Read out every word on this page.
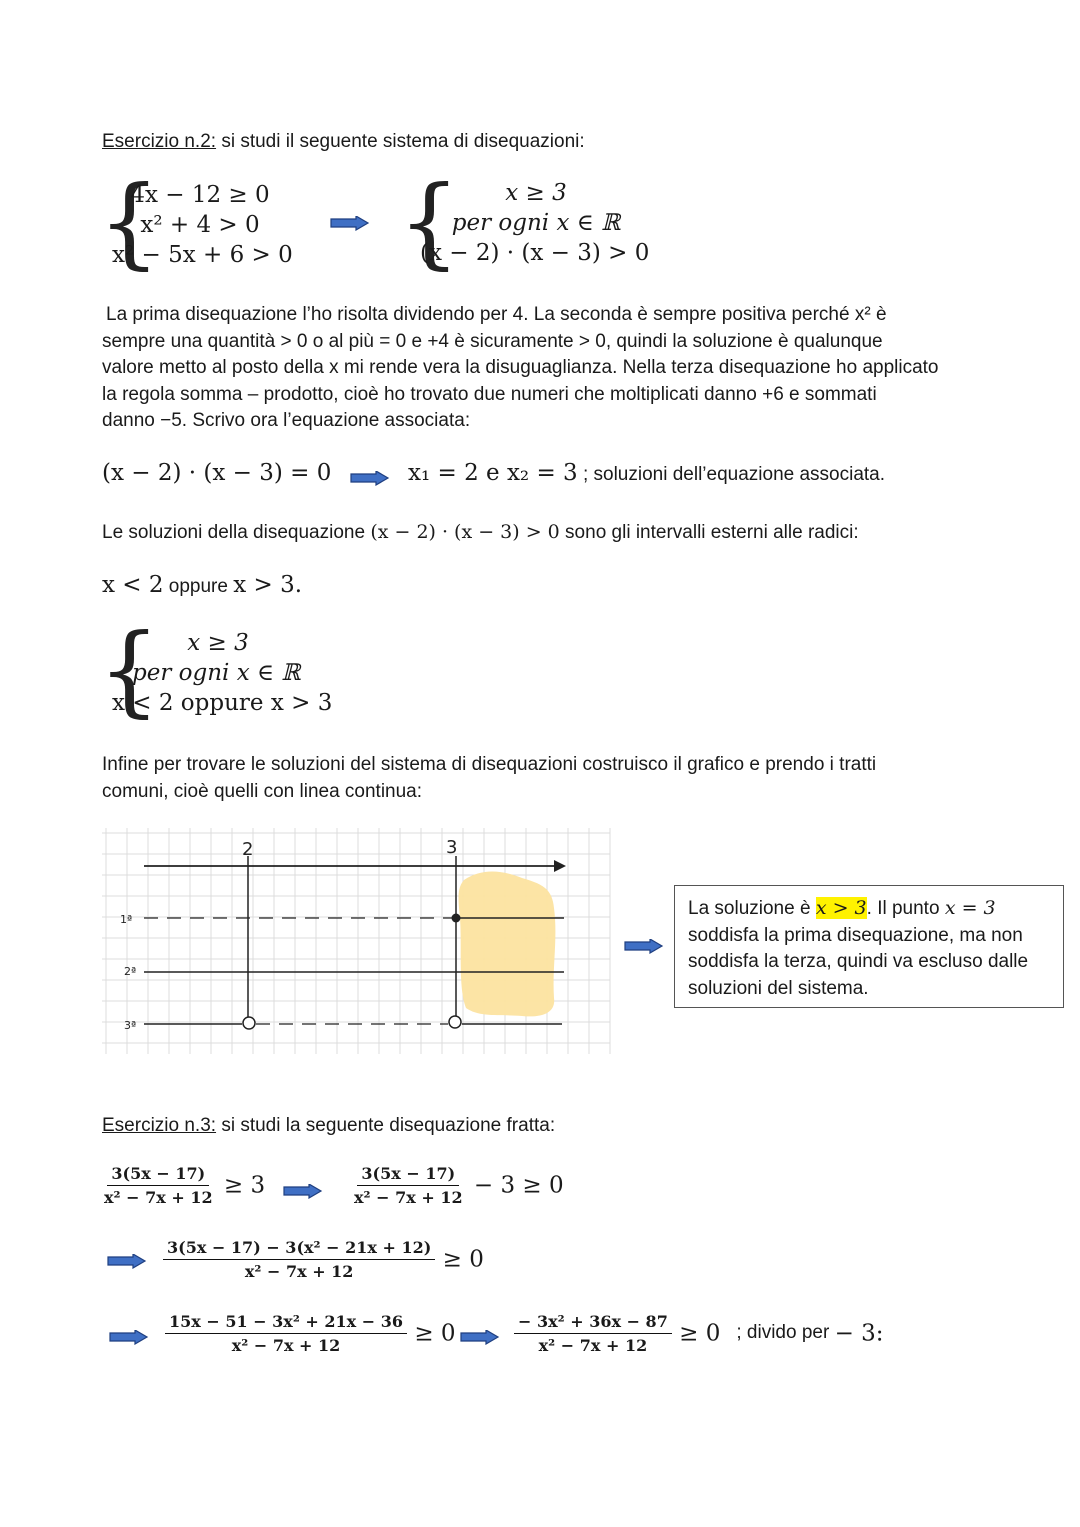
Esercizio n.2: si studi il seguente sistema di disequazioni:
{
4x − 12 ≥ 0
x² + 4 > 0
x² − 5x + 6 > 0 {	x ≥ 3
per ogni x ∈ ℝ
(x − 2) · (x − 3) > 0
La prima disequazione l’ho risolta dividendo per 4. La seconda è sempre positiva perché x² è
sempre una quantità > 0 o al più = 0 e +4 è sicuramente > 0, quindi la soluzione è qualunque
valore metto al posto della x mi rende vera la disuguaglianza. Nella terza disequazione ho applicato
la regola somma – prodotto, cioè ho trovato due numeri che moltiplicati danno +6 e sommati
danno −5. Scrivo ora l’equazione associata:
(x − 2) · (x − 3) = 0	x₁ = 2 e x₂ = 3 ; soluzioni dell’equazione associata.
Le soluzioni della disequazione (x − 2) · (x − 3) > 0 sono gli intervalli esterni alle radici:
x < 2 oppure x > 3.
{	x ≥ 3
per ogni x ∈ ℝ
x < 2 oppure x > 3
Infine per trovare le soluzioni del sistema di disequazioni costruisco il grafico e prendo i tratti
comuni, cioè quelli con linea continua:
2	3
1ª
2ª
3ª
La soluzione è x > 3. Il punto x = 3
soddisfa la prima disequazione, ma non
soddisfa la terza, quindi va escluso dalle
soluzioni del sistema.
Esercizio n.3: si studi la seguente disequazione fratta:
$\frac{3(5x - 17)}{\text{x² − 7x + 12}} \ge 3$	$\frac{3(5x - 17)}{\text{x² − 7x + 12}} - 3 \ge 0$
$\frac{\text{3(5x − 17) − 3(x² − 21x + 12)}}{\text{x² − 7x + 12}} \ge 0$
$\frac{\text{15x − 51 − 3x² + 21x − 36}}{\text{x² − 7x + 12}} \ge 0$	$\frac{\text{− 3x² + 36x − 87}}{\text{x² − 7x + 12}} \ge 0$ ; divido per − 3:
